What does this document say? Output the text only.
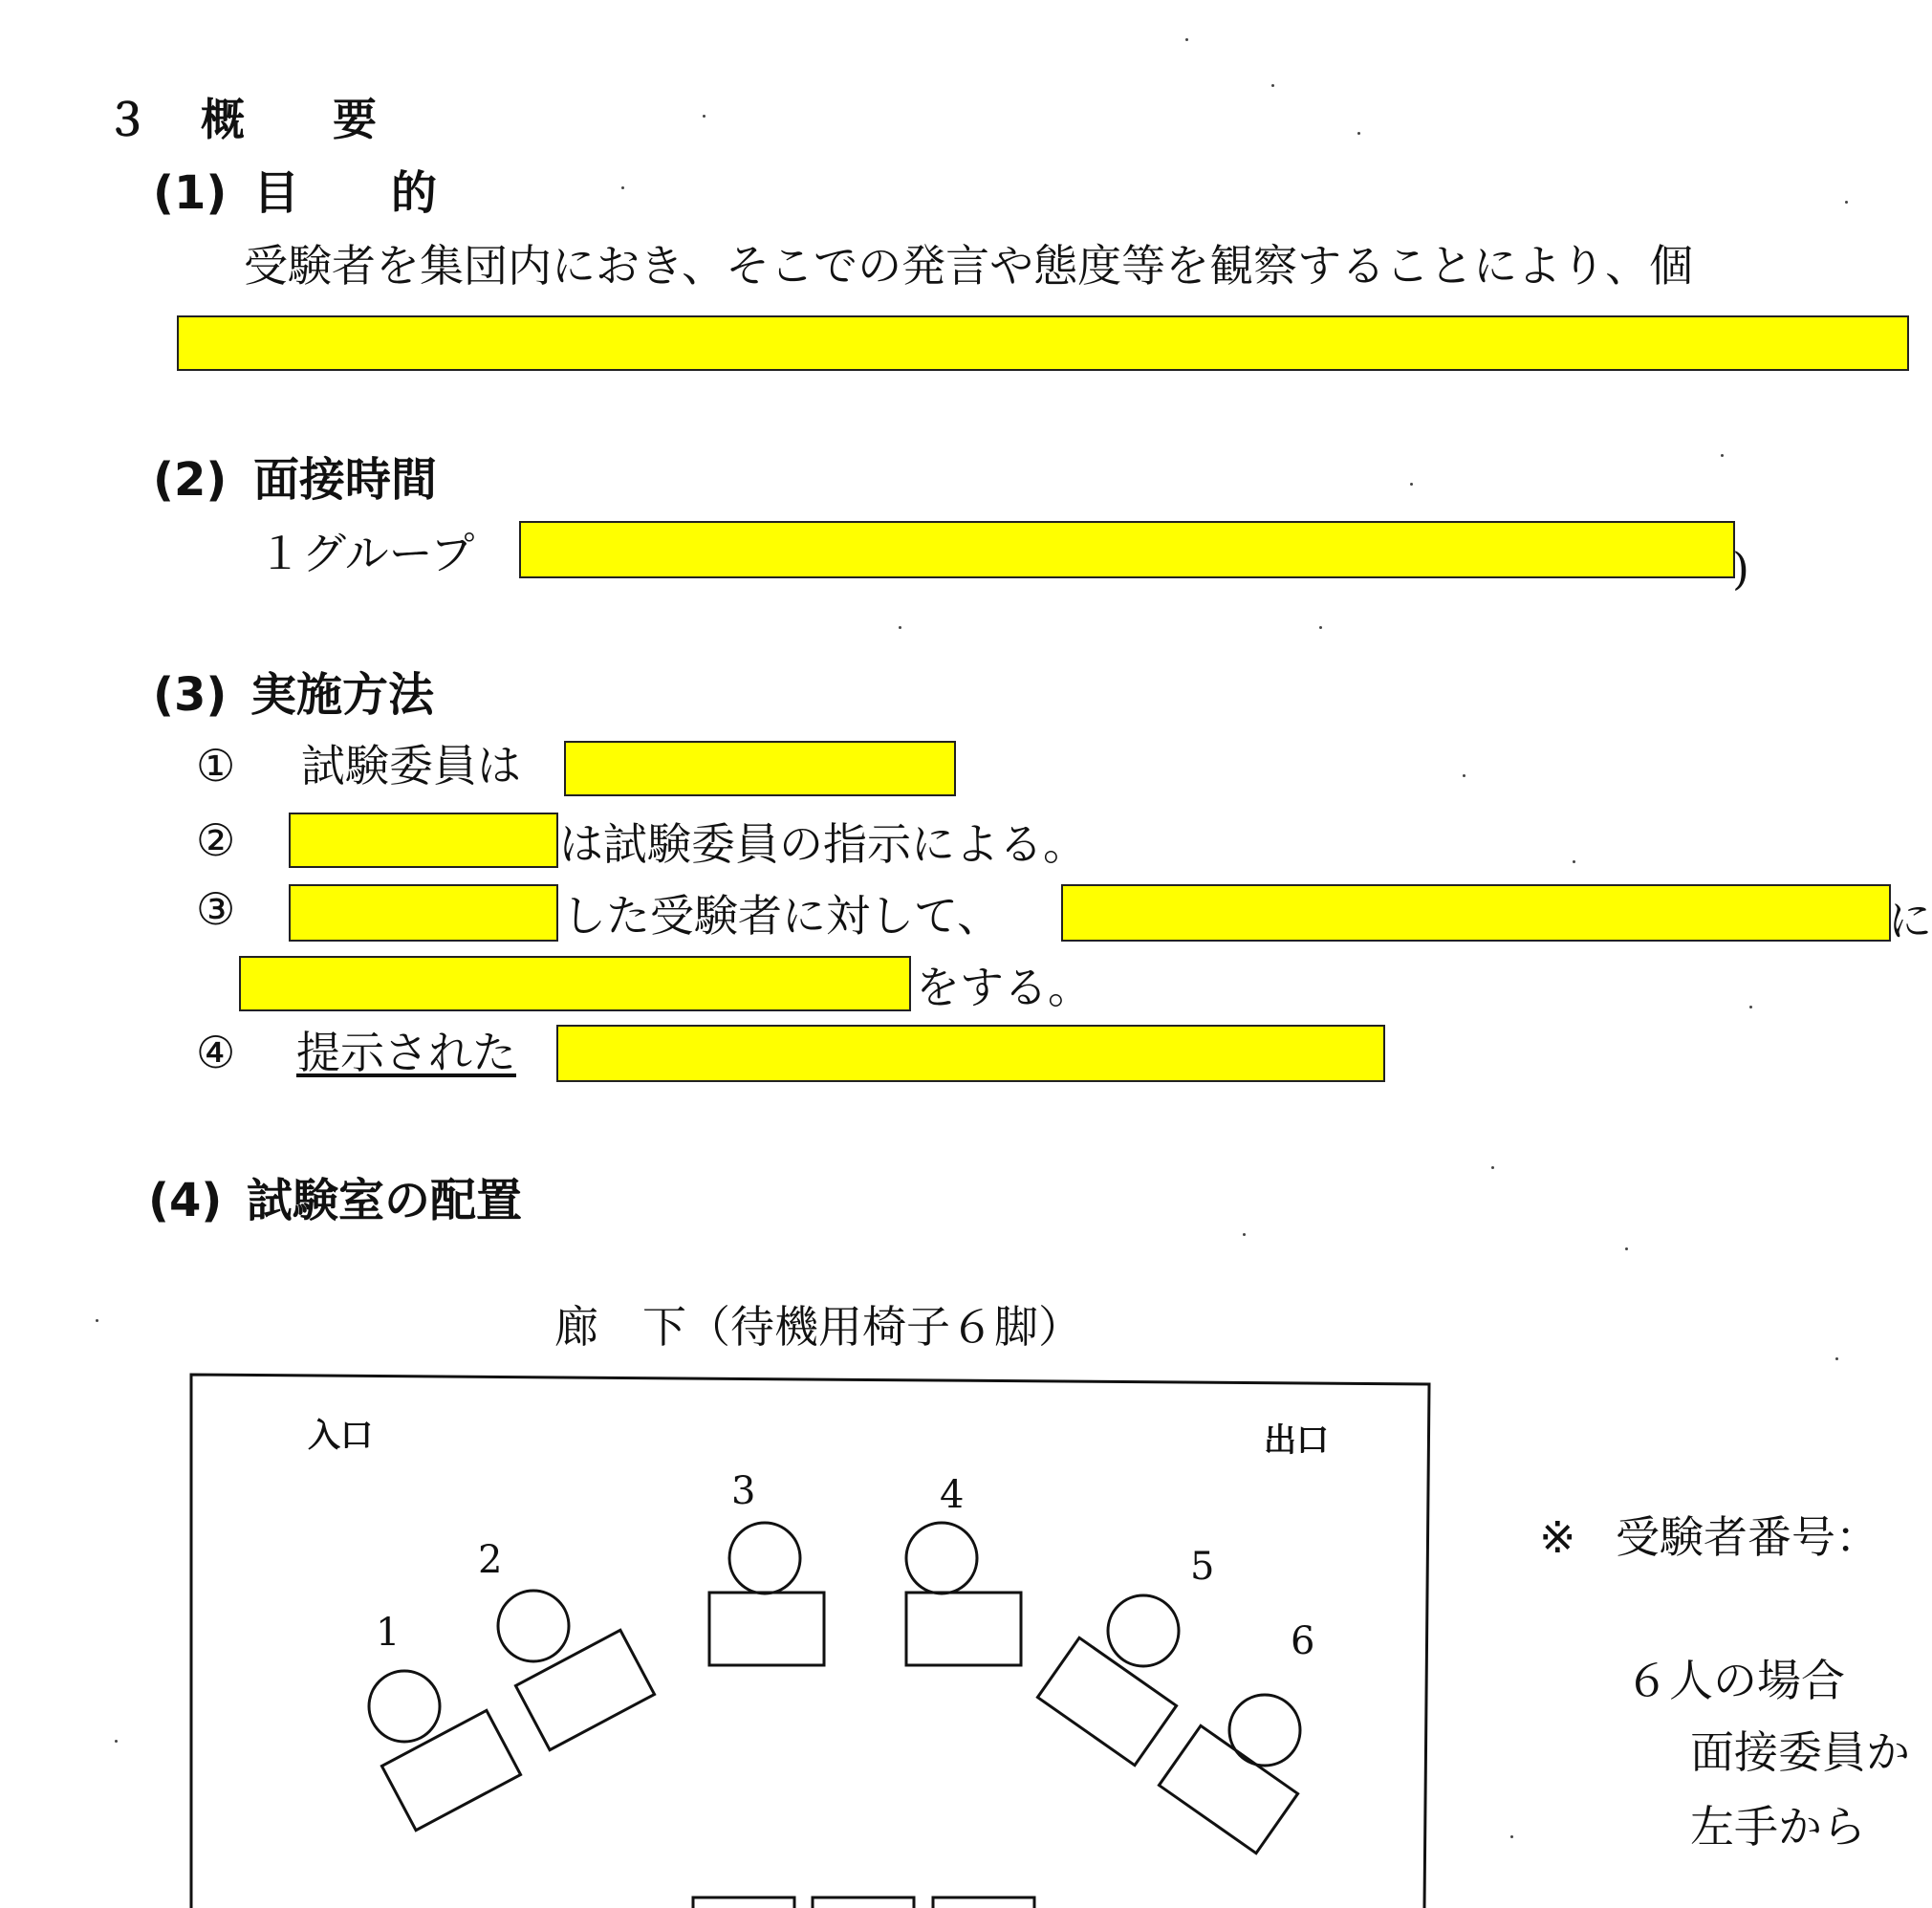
３ 概　　要
(1) 目　　的
受験者を集団内におき、そこでの発言や態度等を観察することにより、個
(2) 面接時間
１グループ	)
(3) 実施方法
① 試験委員は
②	は試験委員の指示による。
③	した受験者に対して、	に
をする。
④ 提示された
(4) 試験室の配置
廊　下（待機用椅子６脚）
入口	出口
1
2
3	4
5
6
※ 受験者番号：
６人の場合
面接委員か
左手から
